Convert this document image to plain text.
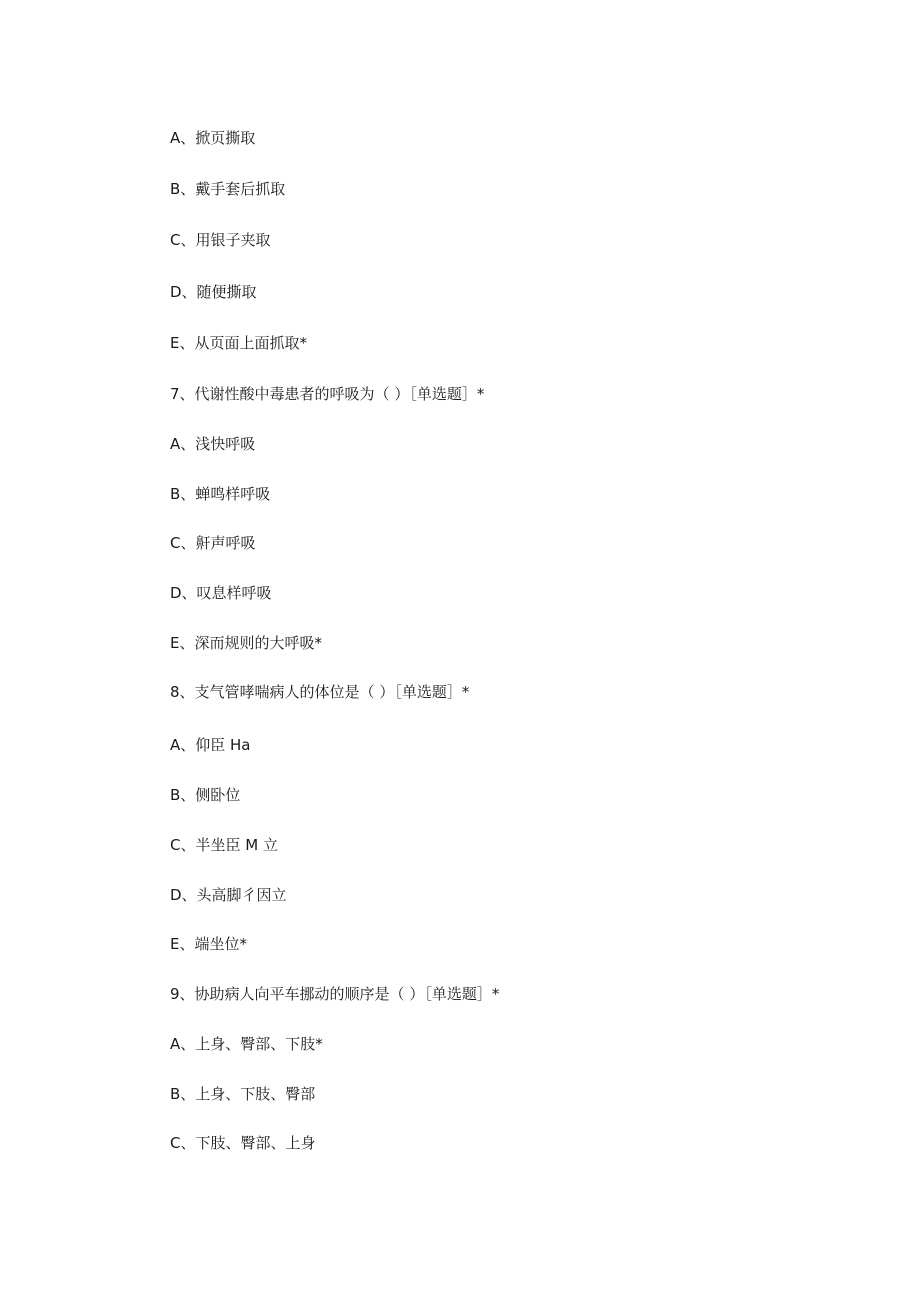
A、掀页撕取
B、戴手套后抓取
C、用银子夹取
D、随便撕取
E、从页面上面抓取*
7、代谢性酸中毒患者的呼吸为（ ）［单选题］*
A、浅快呼吸
B、蝉鸣样呼吸
C、鼾声呼吸
D、叹息样呼吸
E、深而规则的大呼吸*
8、支气管哮喘病人的体位是（ ）［单选题］*
A、仰臣 Ha
B、侧卧位
C、半坐臣 M 立
D、头高脚彳因立
E、端坐位*
9、协助病人向平车挪动的顺序是（ ）［单选题］*
A、上身、臀部、下肢*
B、上身、下肢、臀部
C、下肢、臀部、上身
